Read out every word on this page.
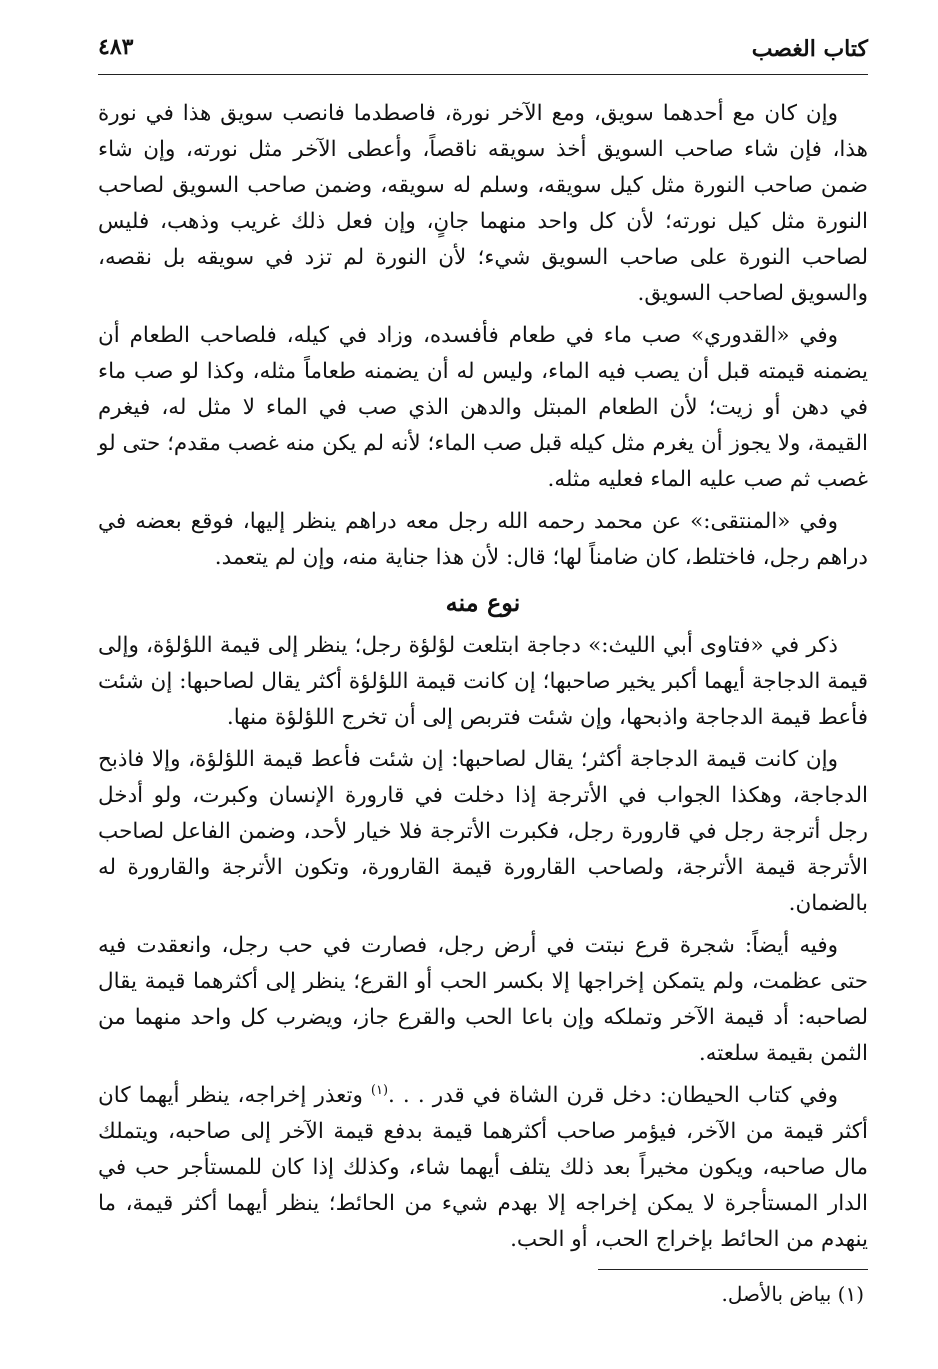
كتاب الغصب
٤٨٣

وإن كان مع أحدهما سويق، ومع الآخر نورة، فاصطدما فانصب سويق هذا في نورة هذا، فإن شاء صاحب السويق أخذ سويقه ناقصاً، وأعطى الآخر مثل نورته، وإن شاء ضمن صاحب النورة مثل كيل سويقه، وسلم له سويقه، وضمن صاحب السويق لصاحب النورة مثل كيل نورته؛ لأن كل واحد منهما جانٍ، وإن فعل ذلك غريب وذهب، فليس لصاحب النورة على صاحب السويق شيء؛ لأن النورة لم تزد في سويقه بل نقصه، والسويق لصاحب السويق.

وفي «القدوري» صب ماء في طعام فأفسده، وزاد في كيله، فلصاحب الطعام أن يضمنه قيمته قبل أن يصب فيه الماء، وليس له أن يضمنه طعاماً مثله، وكذا لو صب ماء في دهن أو زيت؛ لأن الطعام المبتل والدهن الذي صب في الماء لا مثل له، فيغرم القيمة، ولا يجوز أن يغرم مثل كيله قبل صب الماء؛ لأنه لم يكن منه غصب مقدم؛ حتى لو غصب ثم صب عليه الماء فعليه مثله.

وفي «المنتقى:» عن محمد رحمه الله رجل معه دراهم ينظر إليها، فوقع بعضه في دراهم رجل، فاختلط، كان ضامناً لها؛ قال: لأن هذا جناية منه، وإن لم يتعمد.

نوع منه

ذكر في «فتاوى أبي الليث:» دجاجة ابتلعت لؤلؤة رجل؛ ينظر إلى قيمة اللؤلؤة، وإلى قيمة الدجاجة أيهما أكبر يخير صاحبها؛ إن كانت قيمة اللؤلؤة أكثر يقال لصاحبها: إن شئت فأعط قيمة الدجاجة واذبحها، وإن شئت فتربص إلى أن تخرج اللؤلؤة منها.

وإن كانت قيمة الدجاجة أكثر؛ يقال لصاحبها: إن شئت فأعط قيمة اللؤلؤة، وإلا فاذبح الدجاجة، وهكذا الجواب في الأترجة إذا دخلت في قارورة الإنسان وكبرت، ولو أدخل رجل أترجة رجل في قارورة رجل، فكبرت الأترجة فلا خيار لأحد، وضمن الفاعل لصاحب الأترجة قيمة الأترجة، ولصاحب القارورة قيمة القارورة، وتكون الأترجة والقارورة له بالضمان.

وفيه أيضاً: شجرة قرع نبتت في أرض رجل، فصارت في حب رجل، وانعقدت فيه حتى عظمت، ولم يتمكن إخراجها إلا بكسر الحب أو القرع؛ ينظر إلى أكثرهما قيمة يقال لصاحبه: أد قيمة الآخر وتملكه وإن باعا الحب والقرع جاز، ويضرب كل واحد منهما من الثمن بقيمة سلعته.

وفي كتاب الحيطان: دخل قرن الشاة في قدر . . .$^{(١)}$ وتعذر إخراجه، ينظر أيهما كان أكثر قيمة من الآخر، فيؤمر صاحب أكثرهما قيمة بدفع قيمة الآخر إلى صاحبه، ويتملك مال صاحبه، ويكون مخيراً بعد ذلك يتلف أيهما شاء، وكذلك إذا كان للمستأجر حب في الدار المستأجرة لا يمكن إخراجه إلا بهدم شيء من الحائط؛ ينظر أيهما أكثر قيمة، ما ينهدم من الحائط بإخراج الحب، أو الحب.

(١) بياض بالأصل.
